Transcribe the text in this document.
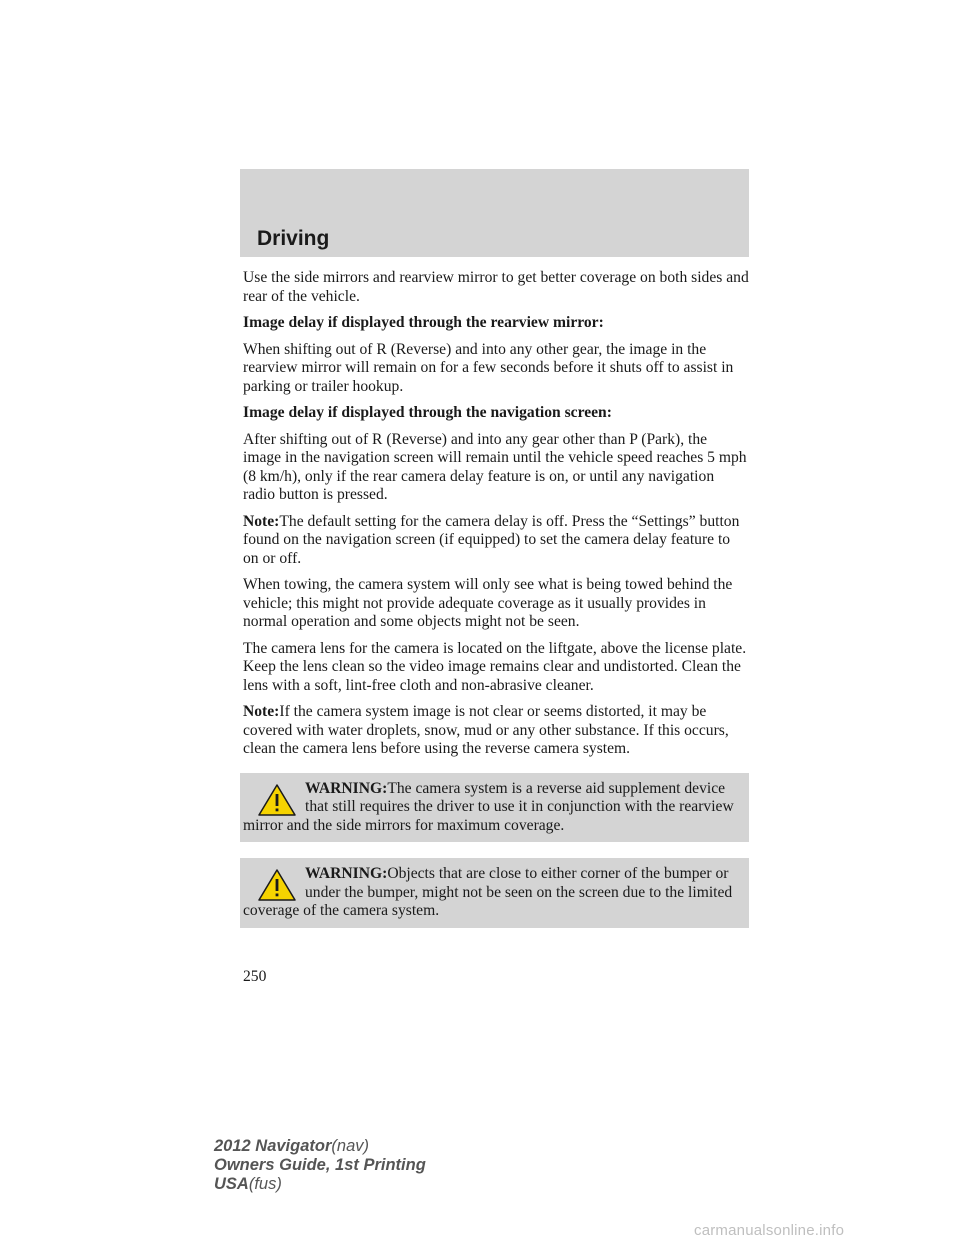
Driving

Use the side mirrors and rearview mirror to get better coverage on both sides and rear of the vehicle.

Image delay if displayed through the rearview mirror:

When shifting out of R (Reverse) and into any other gear, the image in the rearview mirror will remain on for a few seconds before it shuts off to assist in parking or trailer hookup.

Image delay if displayed through the navigation screen:

After shifting out of R (Reverse) and into any gear other than P (Park), the image in the navigation screen will remain until the vehicle speed reaches 5 mph (8 km/h), only if the rear camera delay feature is on, or until any navigation radio button is pressed.

Note:The default setting for the camera delay is off. Press the “Settings” button found on the navigation screen (if equipped) to set the camera delay feature to on or off.

When towing, the camera system will only see what is being towed behind the vehicle; this might not provide adequate coverage as it usually provides in normal operation and some objects might not be seen.

The camera lens for the camera is located on the liftgate, above the license plate. Keep the lens clean so the video image remains clear and undistorted. Clean the lens with a soft, lint-free cloth and non-abrasive cleaner.

Note:If the camera system image is not clear or seems distorted, it may be covered with water droplets, snow, mud or any other substance. If this occurs, clean the camera lens before using the reverse camera system.

WARNING:The camera system is a reverse aid supplement device that still requires the driver to use it in conjunction with the rearview mirror and the side mirrors for maximum coverage.
WARNING:Objects that are close to either corner of the bumper or under the bumper, might not be seen on the screen due to the limited coverage of the camera system.
250
2012 Navigator(nav)
Owners Guide, 1st Printing
USA(fus)
carmanualsonline.info
